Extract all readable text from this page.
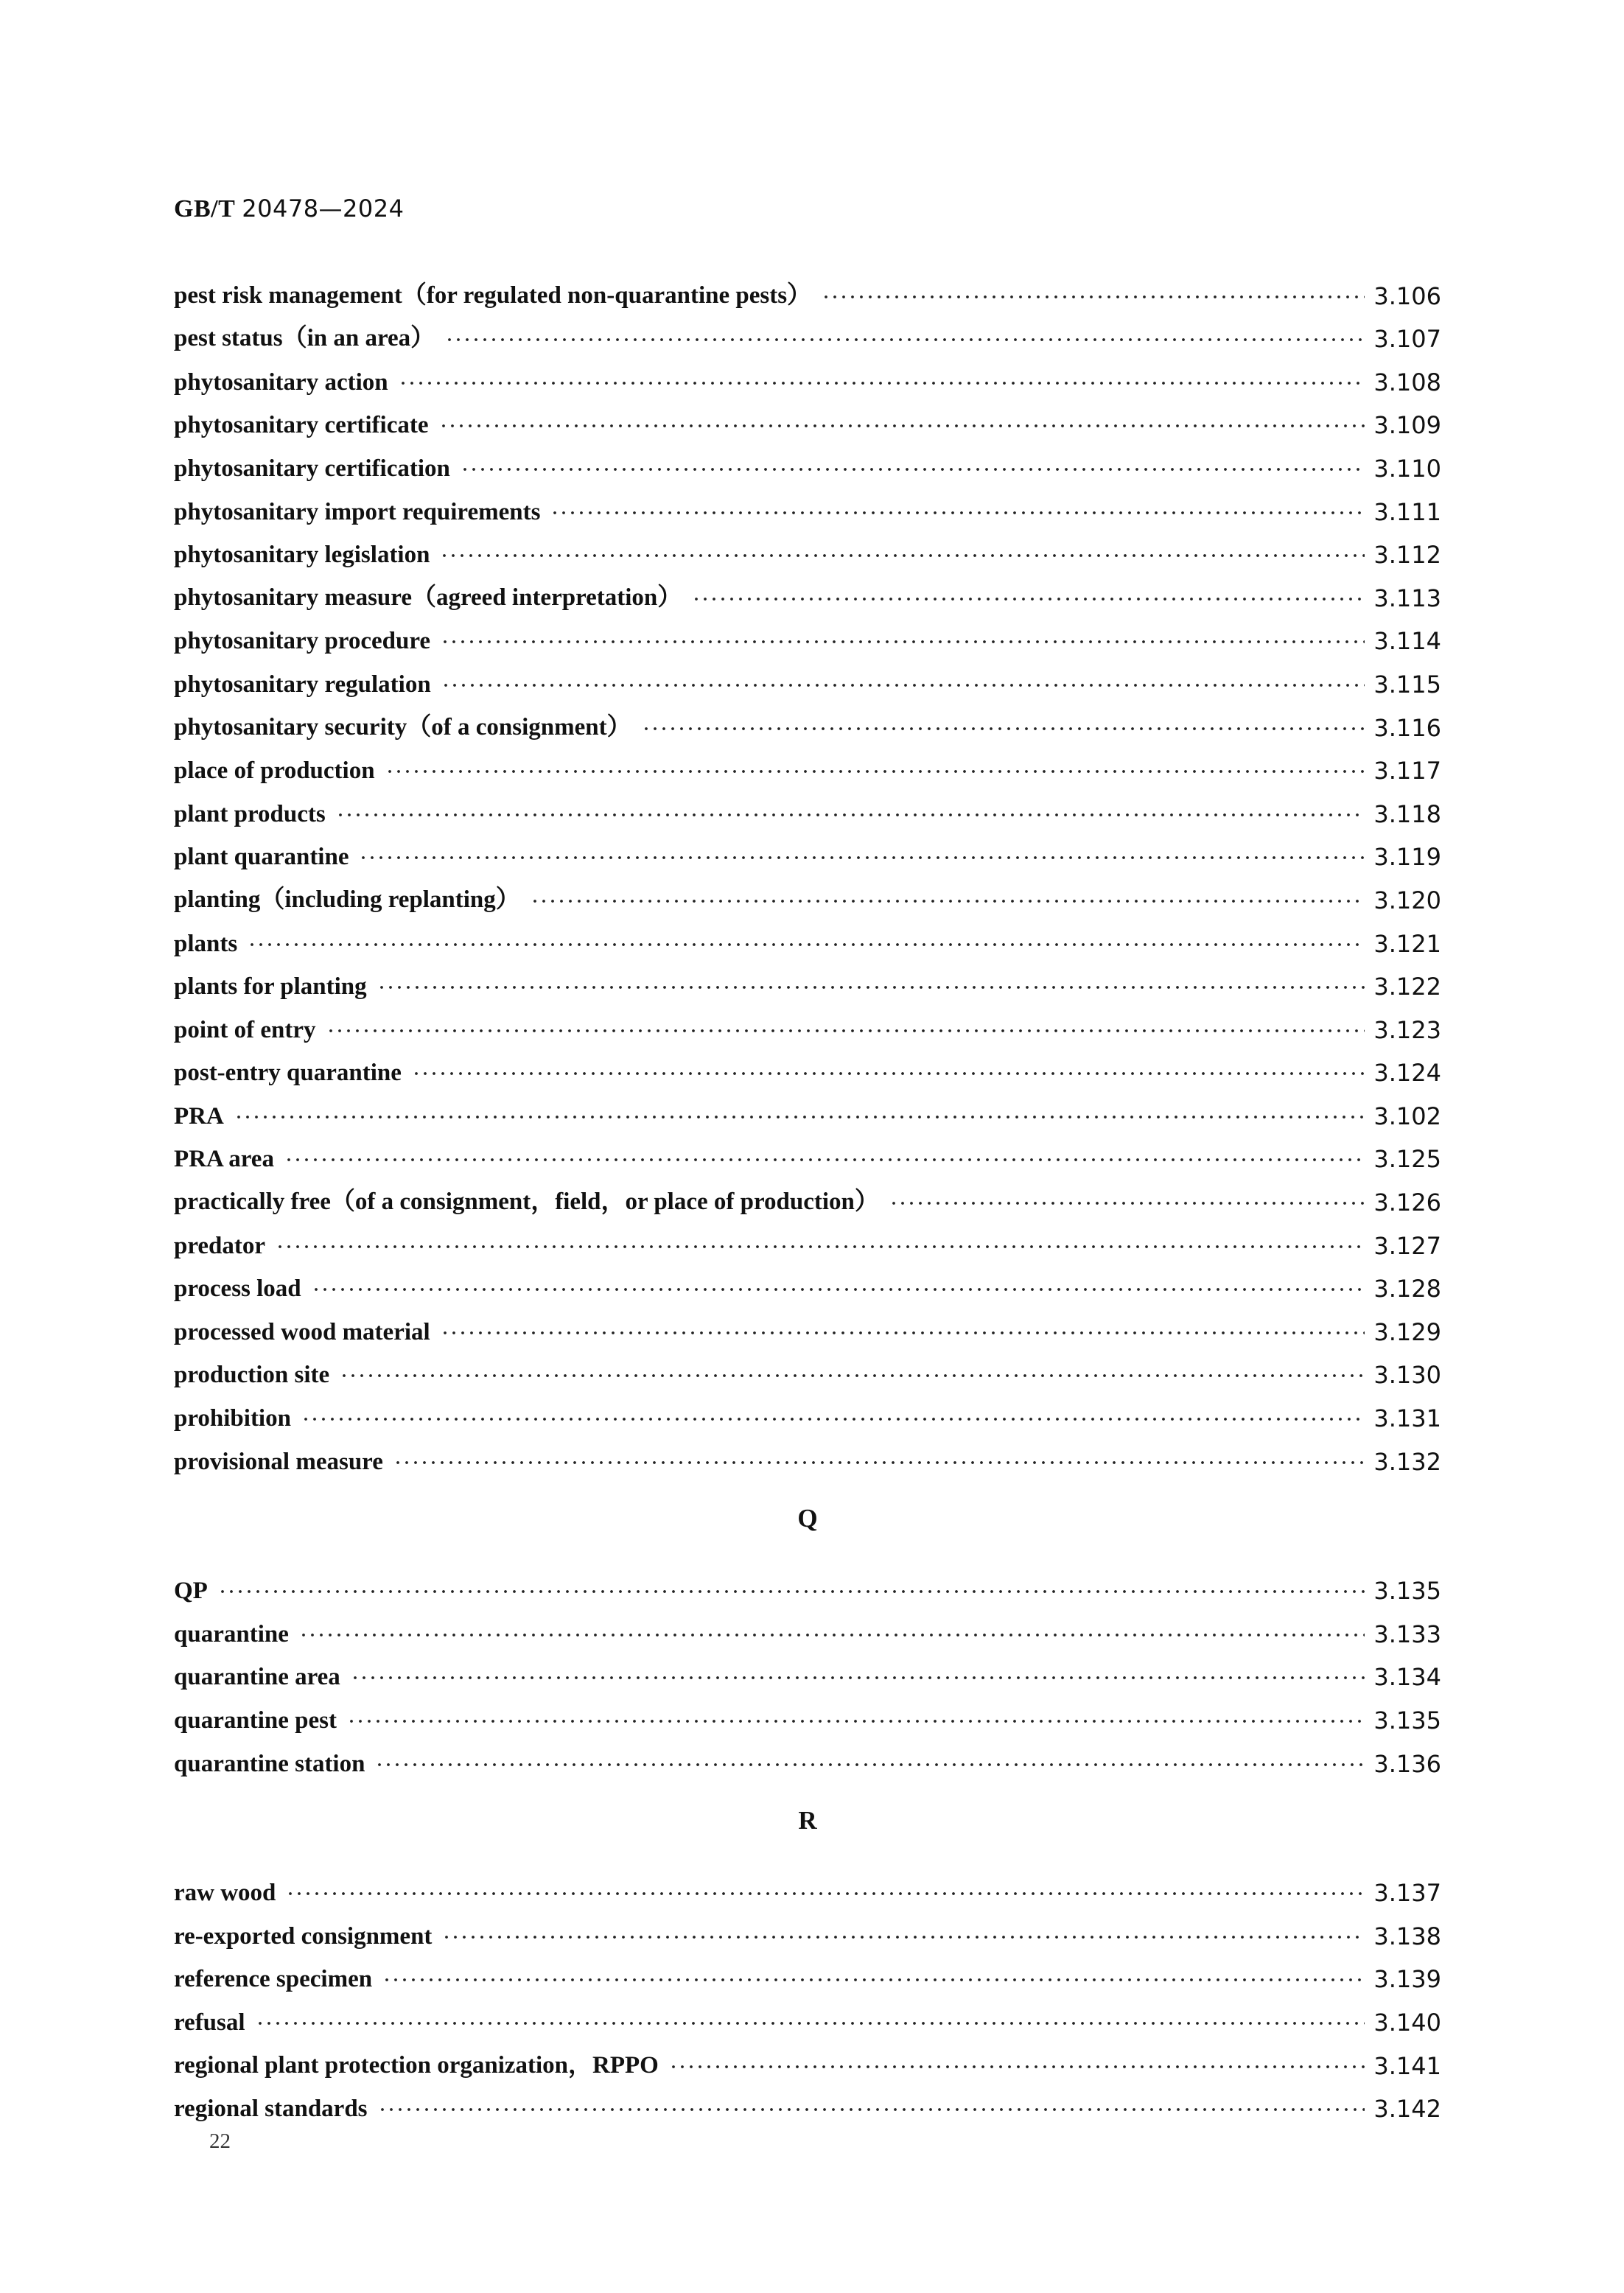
GB/T 20478—2024
pest risk management（for regulated non-quarantine pests）	3.106
pest status（in an area）	3.107
phytosanitary action	3.108
phytosanitary certificate	3.109
phytosanitary certification	3.110
phytosanitary import requirements	3.111
phytosanitary legislation	3.112
phytosanitary measure（agreed interpretation）	3.113
phytosanitary procedure	3.114
phytosanitary regulation	3.115
phytosanitary security（of a consignment）	3.116
place of production	3.117
plant products	3.118
plant quarantine	3.119
planting（including replanting）	3.120
plants	3.121
plants for planting	3.122
point of entry	3.123
post-entry quarantine	3.124
PRA	3.102
PRA area	3.125
practically free（of a consignment，field，or place of production）	3.126
predator	3.127
process load	3.128
processed wood material	3.129
production site	3.130
prohibition	3.131
provisional measure	3.132
Q
QP	3.135
quarantine	3.133
quarantine area	3.134
quarantine pest	3.135
quarantine station	3.136
R
raw wood	3.137
re-exported consignment	3.138
reference specimen	3.139
refusal	3.140
regional plant protection organization，RPPO	3.141
regional standards	3.142
22
